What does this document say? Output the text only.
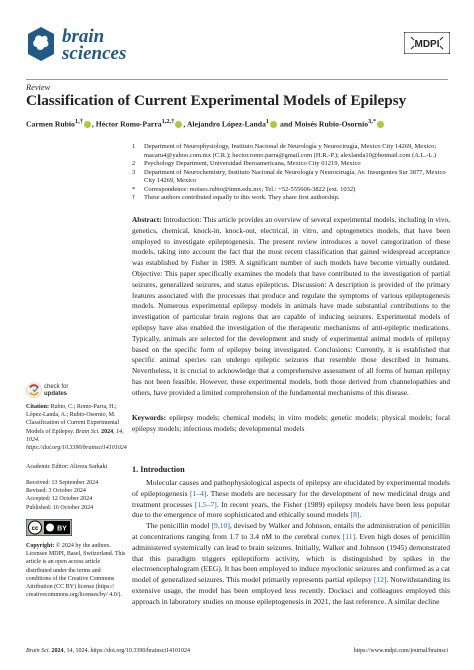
brain
sciences	MDPI
Review
Classification of Current Experimental Models of Epilepsy
Carmen Rubio$^{1,\dagger}$ , Héctor Romo-Parra$^{1,2,\dagger}$ , Alejandro López-Landa$^1$ and Moisés Rubio-Osornio$^{3,*}$
1 Department of Neurophysiology, Instituto Nacional de Neurología y Neurocirugía, Mexico City 14269, Mexico; macaru4@yahoo.com.mx (C.R.); hector.romo.parra@gmail.com (H.R.-P.); alexlanda10@hotmail.com (A.L.-L.)
2 Psychology Department, Universidad Iberoamericana, Mexico City 01219, Mexico
3 Department of Neurochemistry, Instituto Nacional de Neurología y Neurocirugía, Av. Insurgentes Sur 3877, Mexico City 14269, Mexico
* Correspondence: moises.rubio@innn.edu.mx; Tel.: +52-555606-3822 (ext. 1032)
† These authors contributed equally to this work. They share first authorship.
Abstract: Introduction: This article provides an overview of several experimental models, including in vivo, genetics, chemical, knock-in, knock-out, electrical, in vitro, and optogenetics models, that have been employed to investigate epileptogenesis. The present review introduces a novel categorization of these models, taking into account the fact that the most recent classification that gained widespread acceptance was established by Fisher in 1989. A significant number of such models have become virtually outdated. Objective: This paper specifically examines the models that have contributed to the investigation of partial seizures, generalized seizures, and status epilepticus. Discussion: A description is provided of the primary features associated with the processes that produce and regulate the symptoms of various epileptogenesis models. Numerous experimental epilepsy models in animals have made substantial contributions to the investigation of particular brain regions that are capable of inducing seizures. Experimental models of epilepsy have also enabled the investigation of the therapeutic mechanisms of anti-epileptic medications. Typically, animals are selected for the development and study of experimental animal models of epilepsy based on the specific form of epilepsy being investigated. Conclusions: Currently, it is established that specific animal species can undergo epileptic seizures that resemble those described in humans. Nevertheless, it is crucial to acknowledge that a comprehensive assessment of all forms of human epilepsy has not been feasible. However, these experimental models, both those derived from channelopathies and others, have provided a limited comprehension of the fundamental mechanisms of this disease.
Keywords: epilepsy models; chemical models; in vitro models; genetic models; physical models; focal epilepsy models; infectious models; developmental models
check for
updates
Citation: Rubio, C.; Romo-Parra, H.; López-Landa, A.; Rubio-Osornio, M. Classification of Current Experimental Models of Epilepsy. Brain Sci. 2024, 14, 1024. https://doi.org/10.3390/brainsci14101024
Academic Editor: Alireza Sarkaki
Received: 13 September 2024
Revised: 3 October 2024
Accepted: 12 October 2024
Published: 16 October 2024
cc	BY
Copyright: © 2024 by the authors. Licensee MDPI, Basel, Switzerland. This article is an open access article distributed under the terms and conditions of the Creative Commons Attribution (CC BY) license (https:// creativecommons.org/licenses/by/ 4.0/).
1. Introduction

Molecular causes and pathophysiological aspects of epilepsy are elucidated by experimental models of epileptogenesis [1–4]. These models are necessary for the development of new medicinal drugs and treatment processes [1,5–7]. In recent years, the Fisher (1989) epilepsy models have been less popular due to the emergence of more sophisticated and ethically sound models [8].

The penicillin model [9,10], devised by Walker and Johnson, entails the administration of penicillin at concentrations ranging from 1.7 to 3.4 nM to the cerebral cortex [11]. Even high doses of penicillin administered systemically can lead to brain seizures. Initially, Walker and Johnson (1945) demonstrated that this paradigm triggers epileptiform activity, which is distinguished by spikes in the electroencephalogram (EEG). It has been employed to induce myoclonic seizures and confirmed as a cat model of generalized seizures. This model primarily represents partial epilepsy [12]. Notwithstanding its extensive usage, the model has been employed less recently. Docksci and colleagues employed this approach in laboratory studies on mouse epileptogenesis in 2021, the last reference. A similar decline

Brain Sci. 2024, 14, 1024. https://doi.org/10.3390/brainsci14101024	https://www.mdpi.com/journal/brainsci
